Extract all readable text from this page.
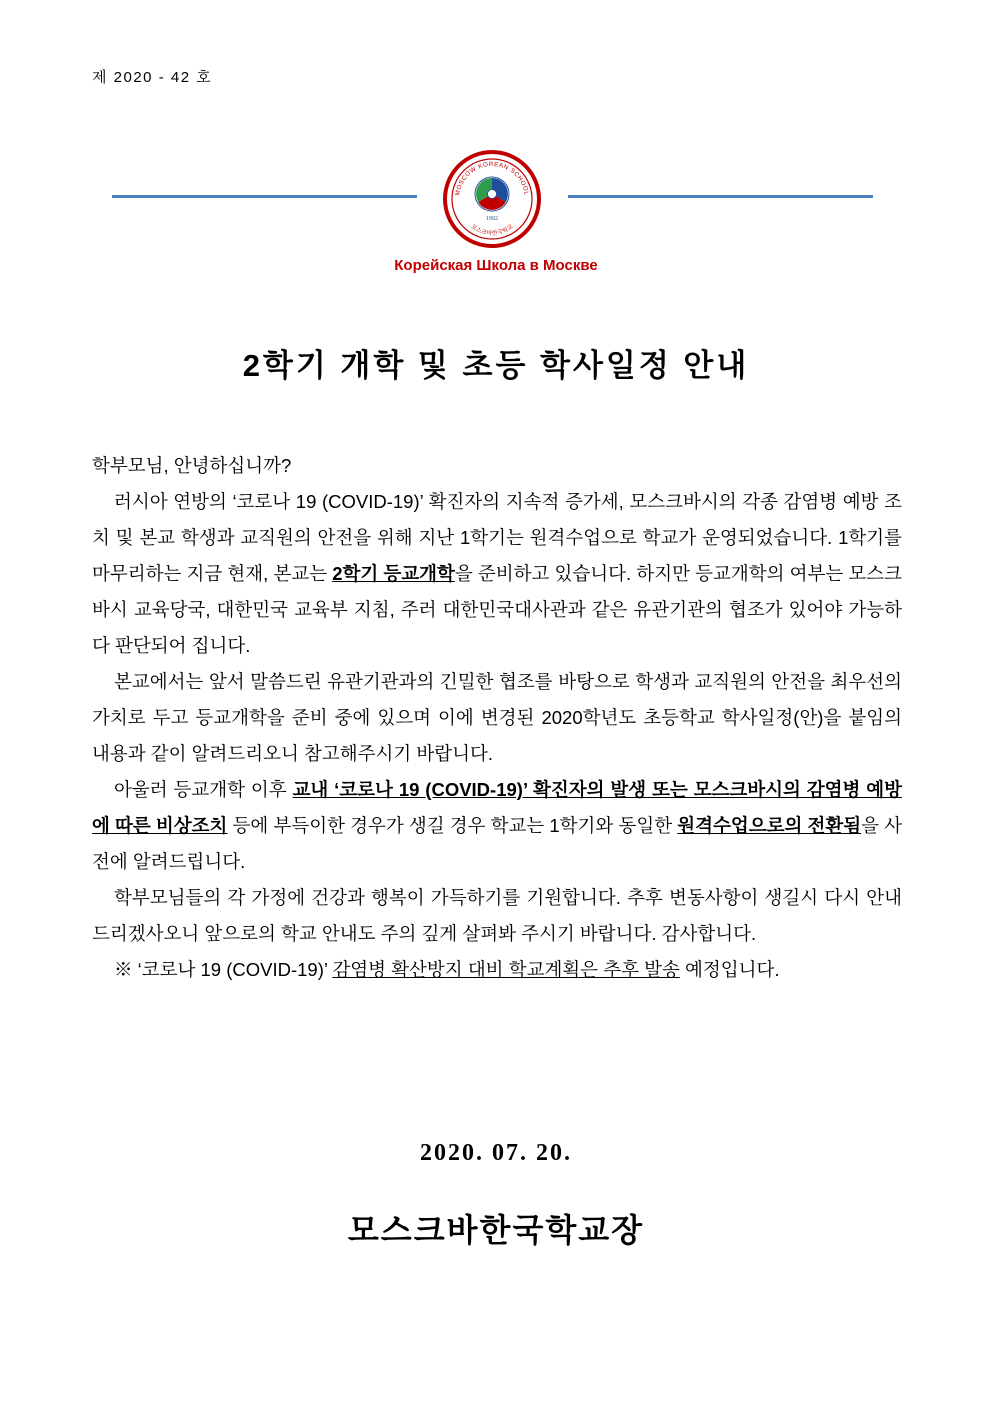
제 2020 - 42 호
MOSCOW KOREAN SCHOOL
모스크바한국학교
1992
Корейская Школа в Москве
2학기 개학 및 초등 학사일정 안내

학부모님, 안녕하십니까?

러시아 연방의 ‘코로나 19 (COVID-19)’ 확진자의 지속적 증가세, 모스크바시의 각종 감염병 예방 조치 및 본교 학생과 교직원의 안전을 위해 지난 1학기는 원격수업으로 학교가 운영되었습니다. 1학기를 마무리하는 지금 현재, 본교는 2학기 등교개학을 준비하고 있습니다. 하지만 등교개학의 여부는 모스크바시 교육당국, 대한민국 교육부 지침, 주러 대한민국대사관과 같은 유관기관의 협조가 있어야 가능하다 판단되어 집니다.

본교에서는 앞서 말씀드린 유관기관과의 긴밀한 협조를 바탕으로 학생과 교직원의 안전을 최우선의 가치로 두고 등교개학을 준비 중에 있으며 이에 변경된 2020학년도 초등학교 학사일정(안)을 붙임의 내용과 같이 알려드리오니 참고해주시기 바랍니다.

아울러 등교개학 이후 교내 ‘코로나 19 (COVID-19)’ 확진자의 발생 또는 모스크바시의 감염병 예방에 따른 비상조치 등에 부득이한 경우가 생길 경우 학교는 1학기와 동일한 원격수업으로의 전환됨을 사전에 알려드립니다.

학부모님들의 각 가정에 건강과 행복이 가득하기를 기원합니다. 추후 변동사항이 생길시 다시 안내 드리겠사오니 앞으로의 학교 안내도 주의 깊게 살펴봐 주시기 바랍니다. 감사합니다.

※ ‘코로나 19 (COVID-19)’ 감염병 확산방지 대비 학교계획은 추후 발송 예정입니다.

2020. 07. 20.
모스크바한국학교장
